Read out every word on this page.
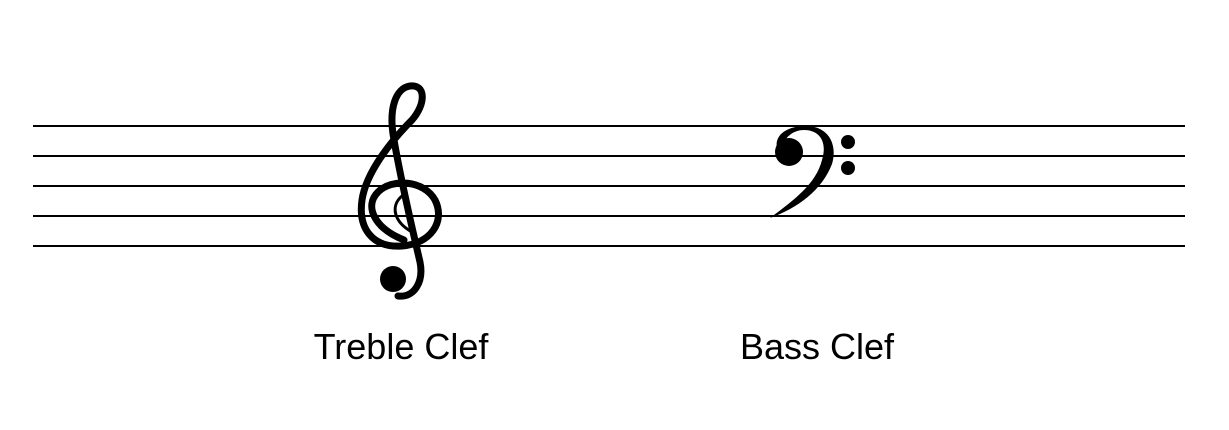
Treble Clef	Bass Clef
